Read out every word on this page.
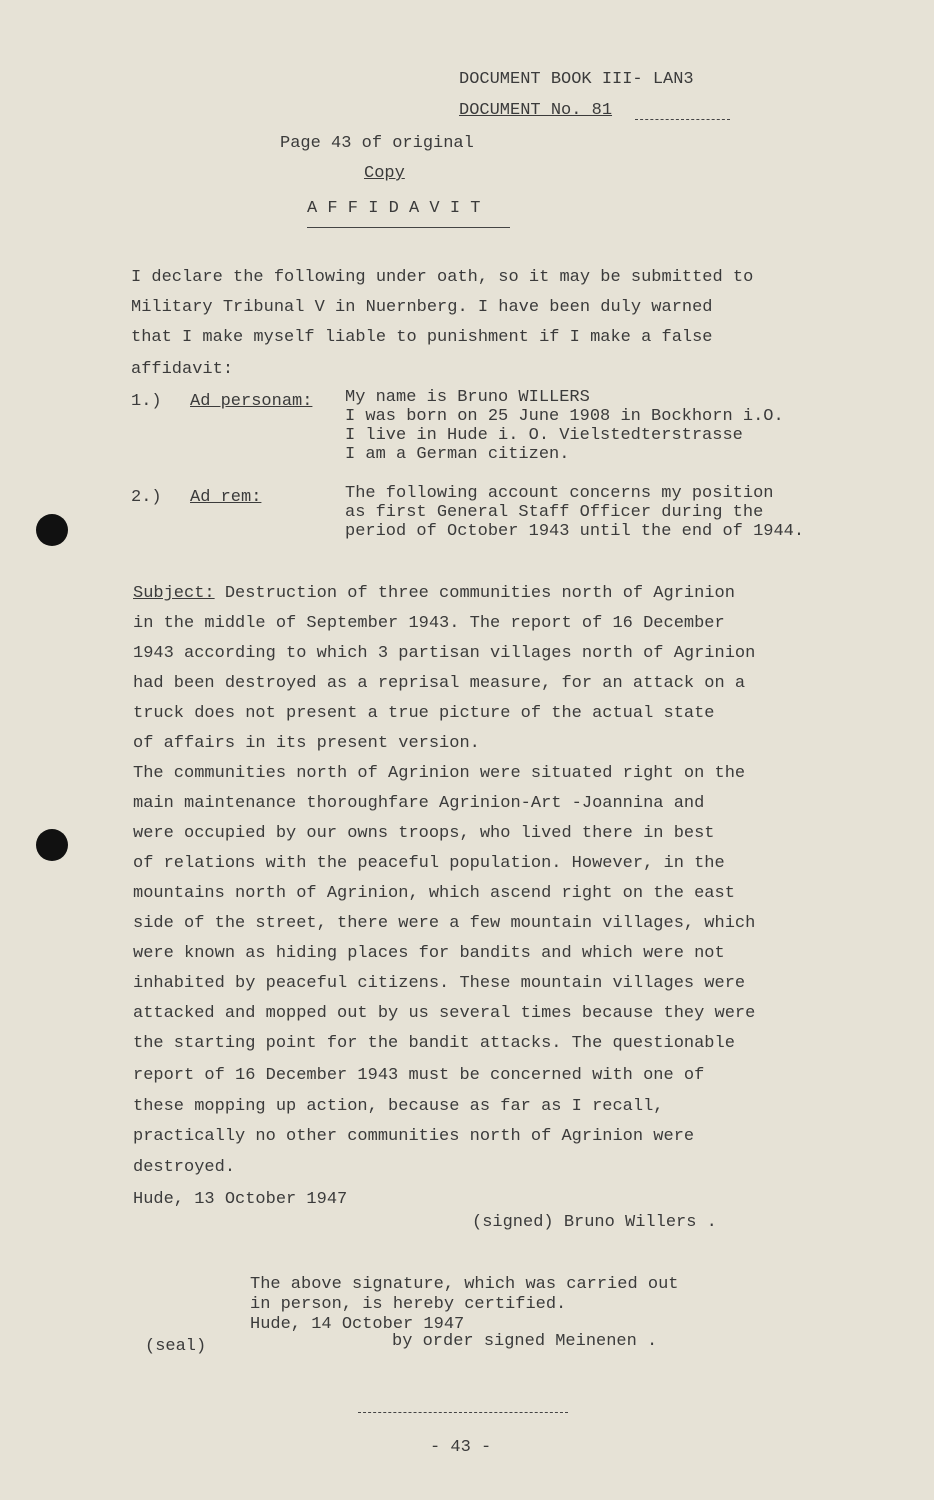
DOCUMENT BOOK III- LAN3
DOCUMENT No. 81
Page 43 of original
Copy
A F F I D A V I T
I declare the following under oath, so it may be submitted to
Military Tribunal V in Nuernberg. I have been duly warned
that I make myself liable to punishment if I make a false
affidavit:
1.) Ad personam: My name is Bruno WILLERS
I was born on 25 June 1908 in Bockhorn i.O.
I live in Hude i. O. Vielstedterstrasse
I am a German citizen.
2.) Ad rem:	The following account concerns my position
as first General Staff Officer during the
period of October 1943 until the end of 1944.
Subject: Destruction of three communities north of Agrinion
in the middle of September 1943. The report of 16 December
1943 according to which 3 partisan villages north of Agrinion
had been destroyed as a reprisal measure, for an attack on a
truck does not present a true picture of the actual state
of affairs in its present version.
The communities north of Agrinion were situated right on the
main maintenance thoroughfare Agrinion-Art -Joannina and
were occupied by our owns troops, who lived there in best
of relations with the peaceful population. However, in the
mountains north of Agrinion, which ascend right on the east
side of the street, there were a few mountain villages, which
were known as hiding places for bandits and which were not
inhabited by peaceful citizens. These mountain villages were
attacked and mopped out by us several times because they were
the starting point for the bandit attacks. The questionable
report of 16 December 1943 must be concerned with one of
these mopping up action, because as far as I recall,
practically no other communities north of Agrinion were
destroyed.
Hude, 13 October 1947
(signed) Bruno Willers .
The above signature, which was carried out
in person, is hereby certified.
Hude, 14 October 1947
(seal)	by order signed Meinenen .
- 43 -
